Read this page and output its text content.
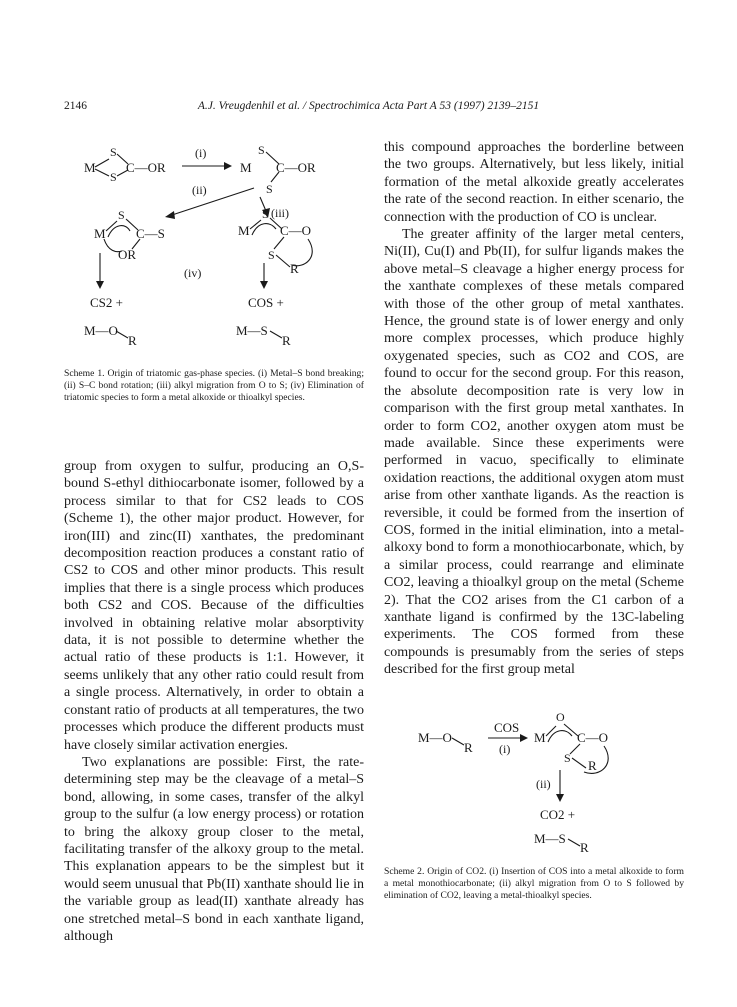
2146	A.J. Vreugdenhil et al. / Spectrochimica Acta Part A 53 (1997) 2139–2151
M
S
S
C—OR
(i)
M
S
C—OR
S
(ii)
(iii)
M
S
C—S
OR
M
S
C—O
S
R
(iv)
CS2 +	COS +
M—O
R
M—S
R
Scheme 1. Origin of triatomic gas-phase species. (i) Metal–S bond breaking; (ii) S–C bond rotation; (iii) alkyl migration from O to S; (iv) Elimination of triatomic species to form a metal alkoxide or thioalkyl species.

group from oxygen to sulfur, producing an O,S-bound S-ethyl dithiocarbonate isomer, followed by a process similar to that for CS2 leads to COS (Scheme 1), the other major product. However, for iron(III) and zinc(II) xanthates, the predominant decomposition reaction produces a constant ratio of CS2 to COS and other minor products. This result implies that there is a single process which produces both CS2 and COS. Because of the difficulties involved in obtaining relative molar absorptivity data, it is not possible to determine whether the actual ratio of these products is 1:1. However, it seems unlikely that any other ratio could result from a single process. Alternatively, in order to obtain a constant ratio of products at all temperatures, the two processes which produce the different products must have closely similar activation energies.

Two explanations are possible: First, the rate-determining step may be the cleavage of a metal–S bond, allowing, in some cases, transfer of the alkyl group to the sulfur (a low energy process) or rotation to bring the alkoxy group closer to the metal, facilitating transfer of the alkoxy group to the metal. This explanation appears to be the simplest but it would seem unusual that Pb(II) xanthate should lie in the variable group as lead(II) xanthate already has one stretched metal–S bond in each xanthate ligand, although

this compound approaches the borderline between the two groups. Alternatively, but less likely, initial formation of the metal alkoxide greatly accelerates the rate of the second reaction. In either scenario, the connection with the production of CO is unclear.

The greater affinity of the larger metal centers, Ni(II), Cu(I) and Pb(II), for sulfur ligands makes the above metal–S cleavage a higher energy process for the xanthate complexes of these metals compared with those of the other group of metal xanthates. Hence, the ground state is of lower energy and only more complex processes, which produce highly oxygenated species, such as CO2 and COS, are found to occur for the second group. For this reason, the absolute decomposition rate is very low in comparison with the first group metal xanthates. In order to form CO2, another oxygen atom must be made available. Since these experiments were performed in vacuo, specifically to eliminate oxidation reactions, the additional oxygen atom must arise from other xanthate ligands. As the reaction is reversible, it could be formed from the insertion of COS, formed in the initial elimination, into a metal-alkoxy bond to form a monothiocarbonate, which, by a similar process, could rearrange and eliminate CO2, leaving a thioalkyl group on the metal (Scheme 2). That the CO2 arises from the C1 carbon of a xanthate ligand is confirmed by the 13C-labeling experiments. The COS formed from these compounds is presumably from the series of steps described for the first group metal

M—O
R
COS
(i)
O
M C—O
S R
(ii)
CO2 +
M—S
R
Scheme 2. Origin of CO2. (i) Insertion of COS into a metal alkoxide to form a metal monothiocarbonate; (ii) alkyl migration from O to S followed by elimination of CO2, leaving a metal-thioalkyl species.
